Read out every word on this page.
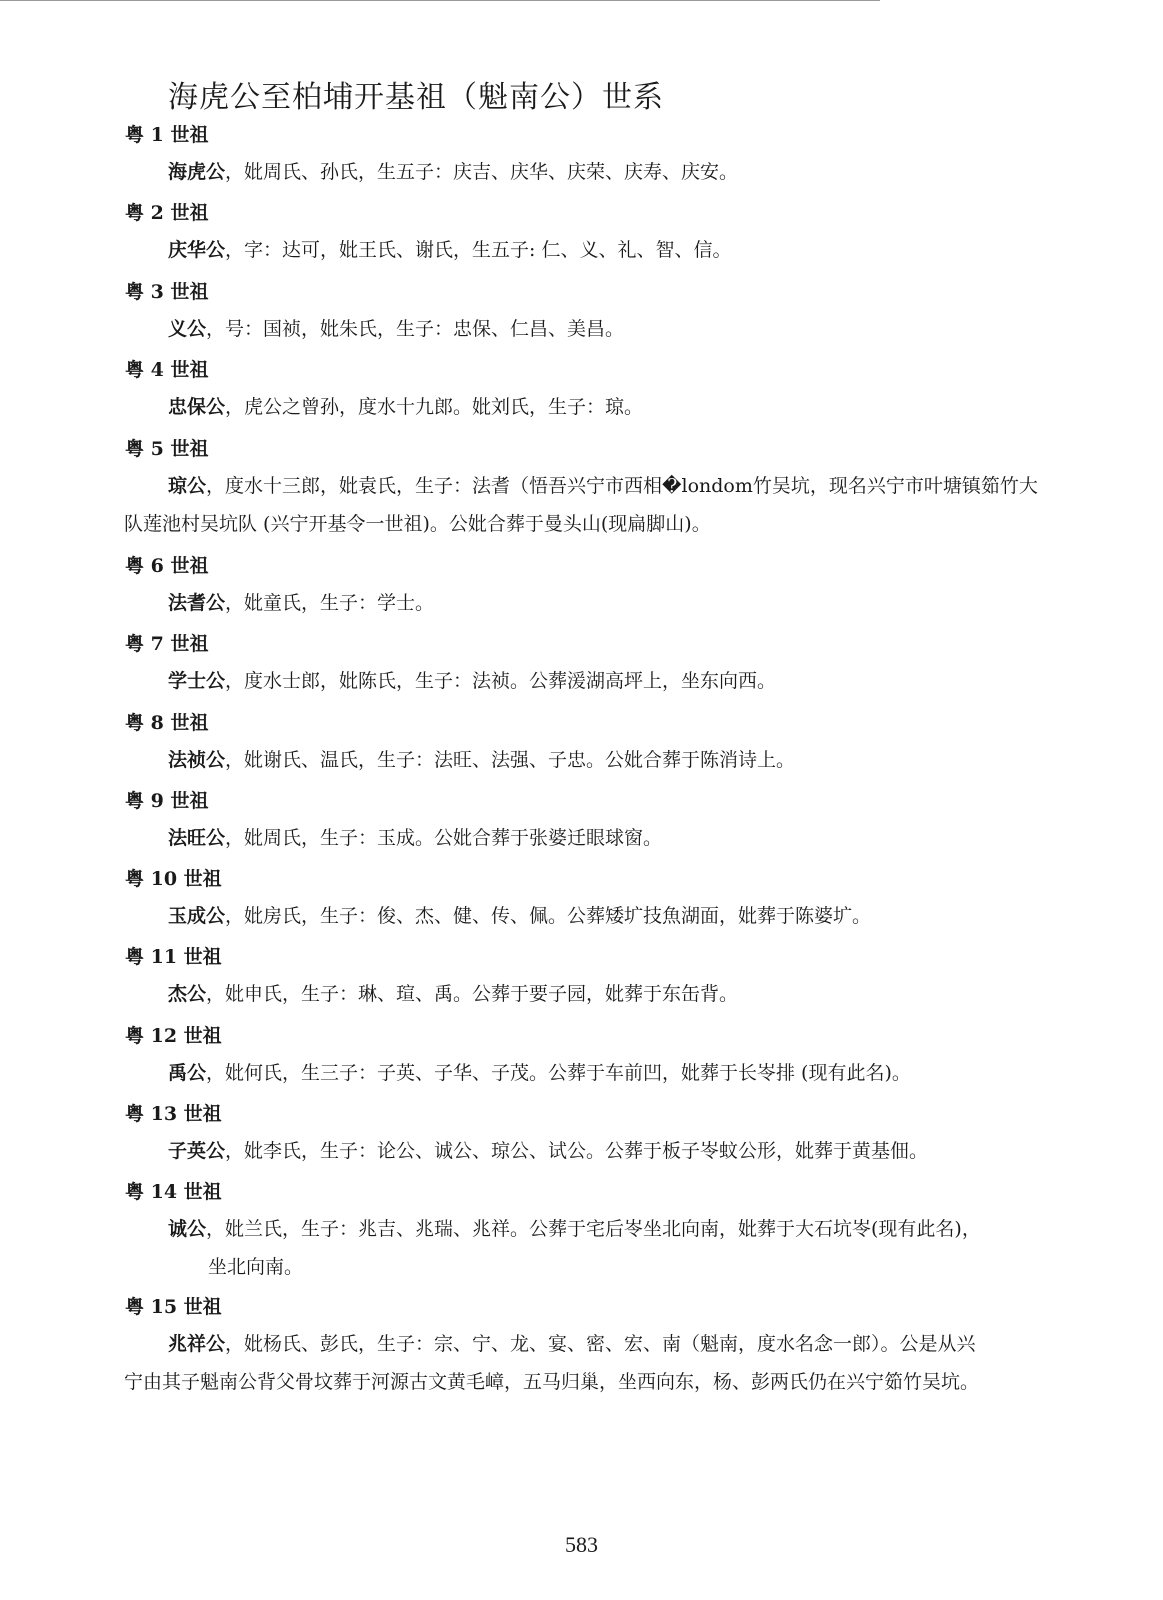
海虎公至柏埔开基祖（魁南公）世系
粤 1 世祖
海虎公，妣周氏、孙氏，生五子：庆吉、庆华、庆荣、庆寿、庆安。
粤 2 世祖
庆华公，字：达可，妣王氏、谢氏，生五子: 仁、义、礼、智、信。
粤 3 世祖
义公，号：国祯，妣朱氏，生子：忠保、仁昌、美昌。
粤 4 世祖
忠保公，虎公之曾孙，度水十九郎。妣刘氏，生子：琼。
粤 5 世祖
琼公，度水十三郎，妣袁氏，生子：法耆（悟吾兴宁市西相�londom竹吴坑，现名兴宁市叶塘镇筎竹大
队莲池村吴坑队 (兴宁开基令一世祖)。公妣合葬于曼头山(现扁脚山)。
粤 6 世祖
法耆公，妣童氏，生子：学士。
粤 7 世祖
学士公，度水士郎，妣陈氏，生子：法祯。公葬湲湖高坪上，坐东向西。
粤 8 世祖
法祯公，妣谢氏、温氏，生子：法旺、法强、子忠。公妣合葬于陈消诗上。
粤 9 世祖
法旺公，妣周氏，生子：玉成。公妣合葬于张婆迁眼球窗。
粤 10 世祖
玉成公，妣房氏，生子：俊、杰、健、传、佩。公葬矮圹技魚湖面，妣葬于陈婆圹。
粤 11 世祖
杰公，妣申氏，生子：琳、瑄、禹。公葬于要子园，妣葬于东缶背。
粤 12 世祖
禹公，妣何氏，生三子：子英、子华、子茂。公葬于车前凹，妣葬于长岺排 (现有此名)。
粤 13 世祖
子英公，妣李氏，生子：论公、诚公、琼公、试公。公葬于板子岺蚊公形，妣葬于黄基佃。
粤 14 世祖
诚公，妣兰氏，生子：兆吉、兆瑞、兆祥。公葬于宅后岺坐北向南，妣葬于大石坑岺(现有此名)，
坐北向南。
粤 15 世祖
兆祥公，妣杨氏、彭氏，生子：宗、宁、龙、宴、密、宏、南（魁南，度水名念一郎）。公是从兴
宁由其子魁南公背父骨坟葬于河源古文黄毛嶂，五马归巢，坐西向东，杨、彭两氏仍在兴宁筎竹吴坑。
583
